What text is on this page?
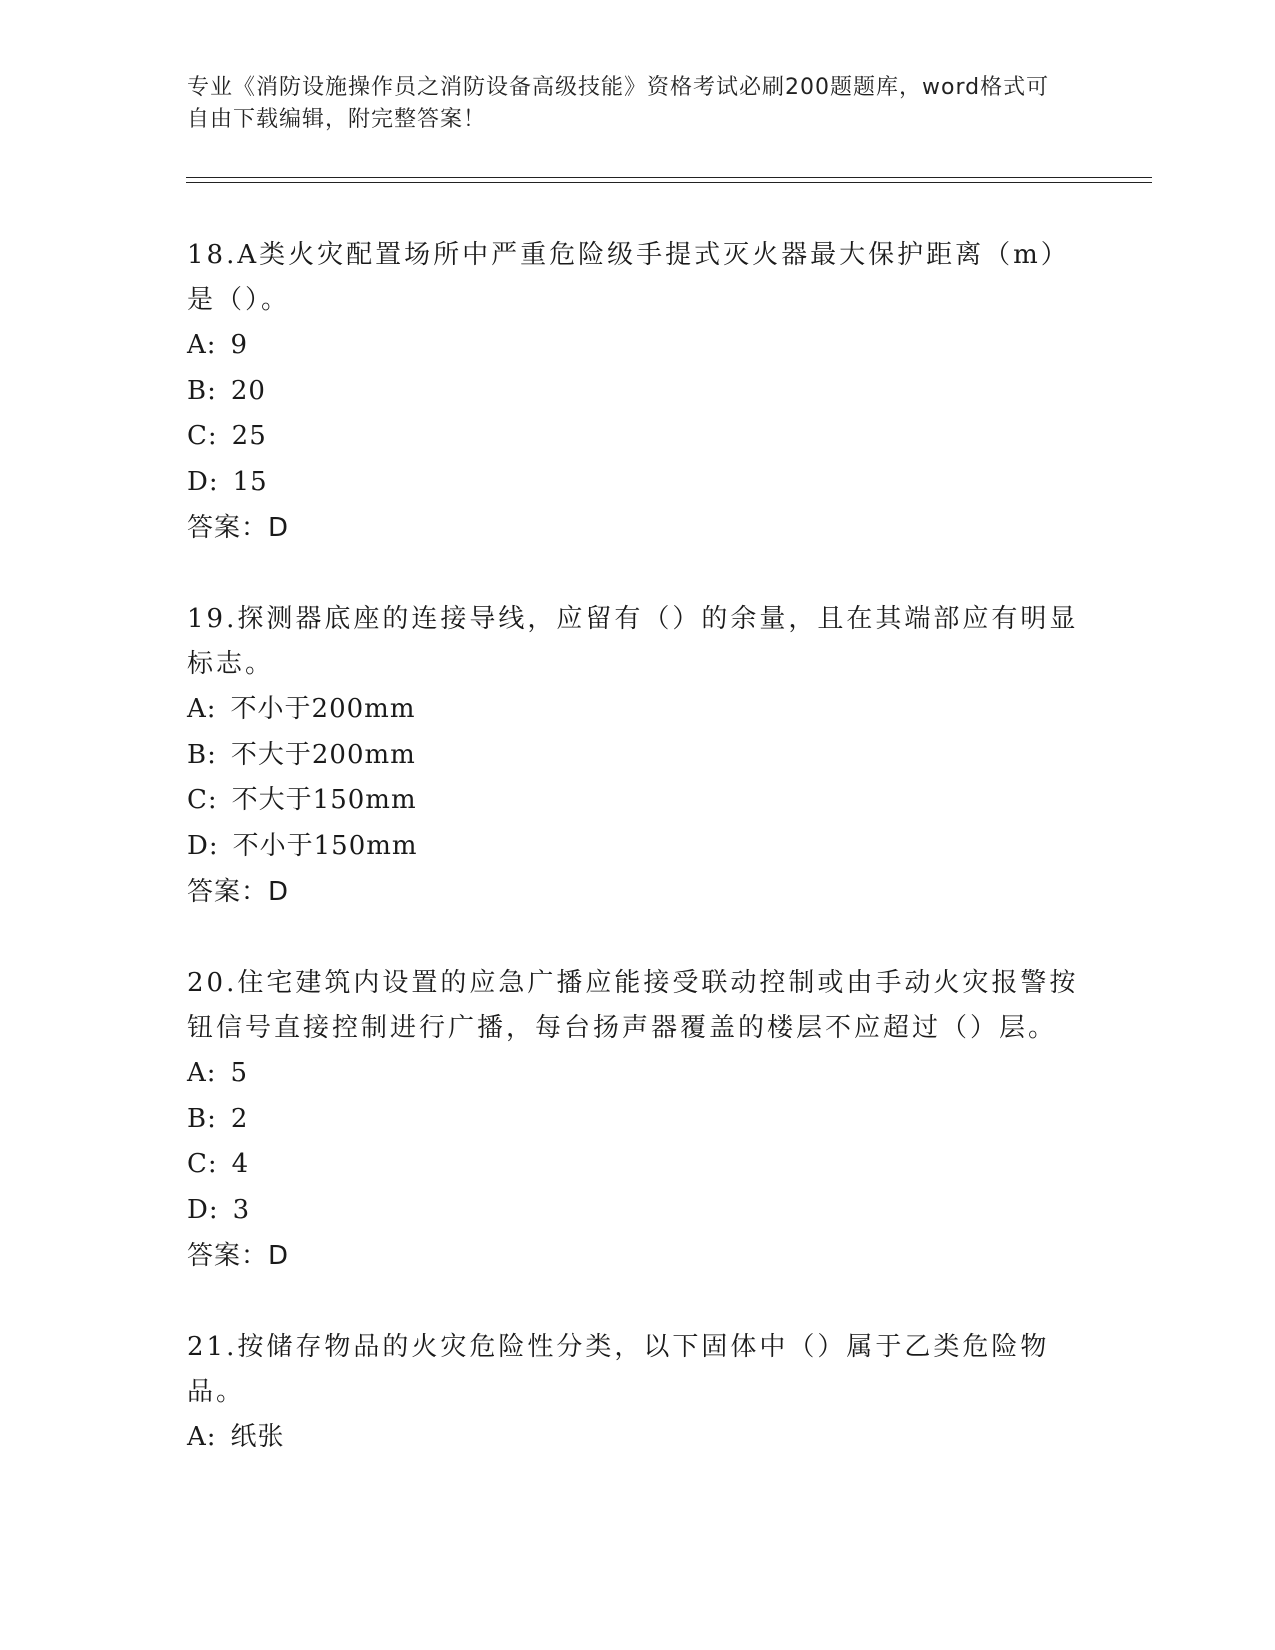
专业《消防设施操作员之消防设备高级技能》资格考试必刷200题题库，word格式可自由下载编辑，附完整答案！

18.A类火灾配置场所中严重危险级手提式灭火器最大保护距离（m）是（）。

A: 9

B: 20

C: 25

D: 15

答案：D

19.探测器底座的连接导线，应留有（）的余量，且在其端部应有明显标志。

A: 不小于200mm

B: 不大于200mm

C: 不大于150mm

D: 不小于150mm

答案：D

20.住宅建筑内设置的应急广播应能接受联动控制或由手动火灾报警按钮信号直接控制进行广播，每台扬声器覆盖的楼层不应超过（）层。

A: 5

B: 2

C: 4

D: 3

答案：D

21.按储存物品的火灾危险性分类，以下固体中（）属于乙类危险物品。

A: 纸张
